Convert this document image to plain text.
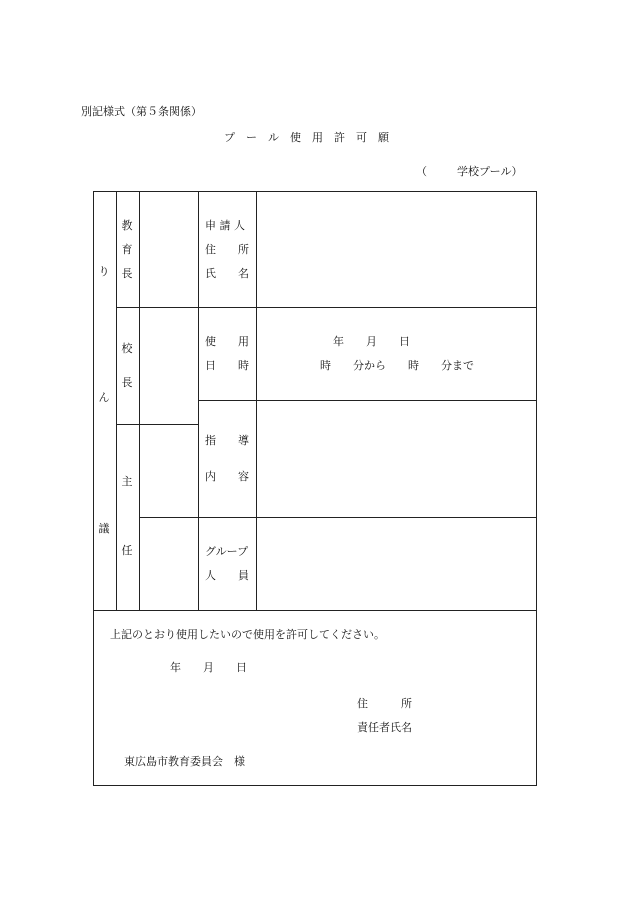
別記様式（第５条関係）
プ　ー　ル　使　用　許　可　願
（	学校プール）
り
ん
議
教
育
長
校
長
主
任
申 請 人
住　　所
氏　　名
使　　用
日　　時
年　　月　　日
時　　分から　　時　　分まで
指　　導
内　　容
グループ
人　　員
上記のとおり使用したいので使用を許可してください。
年　　月　　日
住　　　所
責任者氏名
東広島市教育委員会　様
